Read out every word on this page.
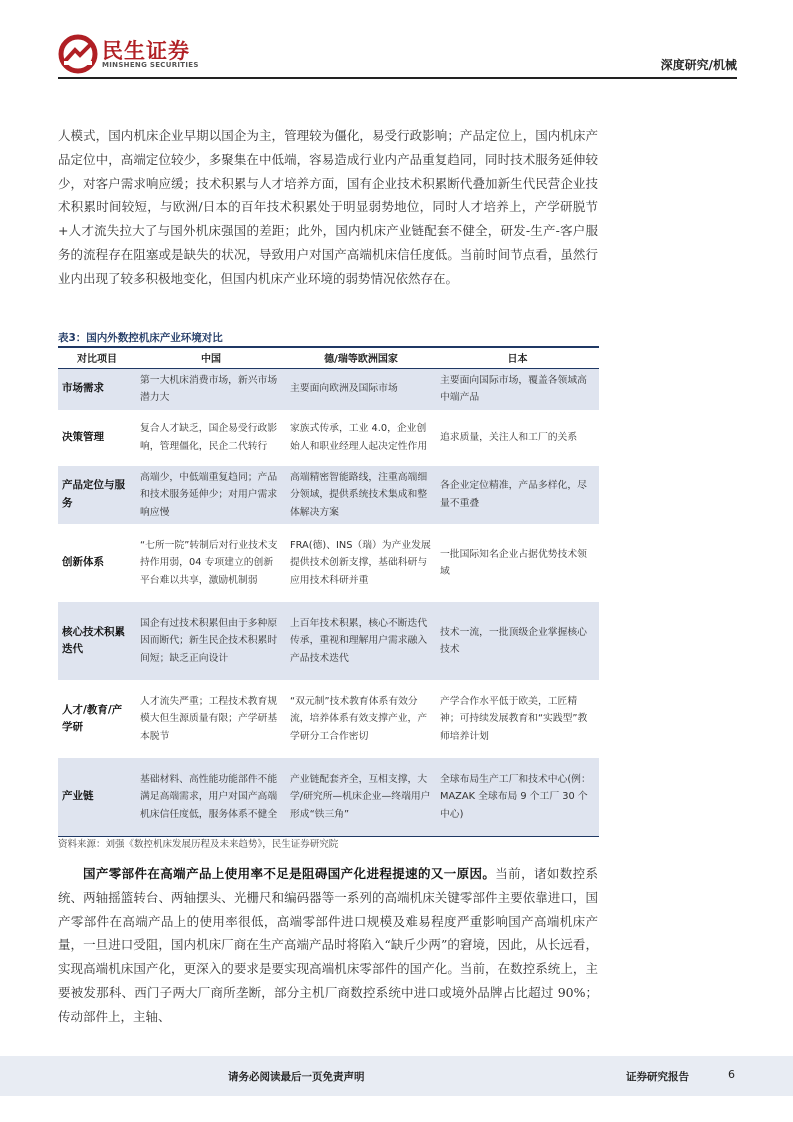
民生证券
MINSHENG SECURITIES	深度研究/机械

人模式，国内机床企业早期以国企为主，管理较为僵化，易受行政影响；产品定位上，国内机床产品定位中，高端定位较少，多聚集在中低端，容易造成行业内产品重复趋同，同时技术服务延伸较少，对客户需求响应缓；技术积累与人才培养方面，国有企业技术积累断代叠加新生代民营企业技术积累时间较短，与欧洲/日本的百年技术积累处于明显弱势地位，同时人才培养上，产学研脱节+人才流失拉大了与国外机床强国的差距；此外，国内机床产业链配套不健全，研发-生产-客户服务的流程存在阻塞或是缺失的状况，导致用户对国产高端机床信任度低。当前时间节点看，虽然行业内出现了较多积极地变化，但国内机床产业环境的弱势情况依然存在。

表3：国内外数控机床产业环境对比
对比项目	中国	德/瑞等欧洲国家	日本
市场需求	第一大机床消费市场，新兴市场潜力大	主要面向欧洲及国际市场	主要面向国际市场，覆盖各领域高中端产品
决策管理	复合人才缺乏，国企易受行政影响，管理僵化，民企二代转行	家族式传承，工业 4.0，企业创始人和职业经理人起决定性作用	追求质量，关注人和工厂的关系
产品定位与服务	高端少，中低端重复趋同；产品和技术服务延伸少；对用户需求响应慢	高端精密智能路线，注重高端细分领域，提供系统技术集成和整体解决方案	各企业定位精准，产品多样化，尽量不重叠
创新体系	“七所一院”转制后对行业技术支持作用弱，04 专项建立的创新平台难以共享，激励机制弱	FRA(德)、INS（瑞）为产业发展提供技术创新支撑，基础科研与应用技术科研并重	一批国际知名企业占据优势技术领域
核心技术积累迭代	国企有过技术积累但由于多种原因而断代；新生民企技术积累时间短；缺乏正向设计	上百年技术积累，核心不断迭代传承，重视和理解用户需求融入产品技术迭代	技术一流，一批顶级企业掌握核心技术
人才/教育/产学研	人才流失严重；工程技术教育规模大但生源质量有限；产学研基本脱节	“双元制”技术教育体系有效分流，培养体系有效支撑产业，产学研分工合作密切	产学合作水平低于欧美，工匠精神；可持续发展教育和“实践型”教师培养计划
产业链	基础材料、高性能功能部件不能满足高端需求，用户对国产高端机床信任度低，服务体系不健全	产业链配套齐全，互相支撑，大学/研究所—机床企业—终端用户形成“铁三角”	全球布局生产工厂和技术中心(例：MAZAK 全球布局 9 个工厂 30 个中心)
资料来源：刘强《数控机床发展历程及未来趋势》，民生证券研究院

国产零部件在高端产品上使用率不足是阻碍国产化进程提速的又一原因。当前，诸如数控系统、两轴摇篮转台、两轴摆头、光栅尺和编码器等一系列的高端机床关键零部件主要依靠进口，国产零部件在高端产品上的使用率很低，高端零部件进口规模及难易程度严重影响国产高端机床产量，一旦进口受阻，国内机床厂商在生产高端产品时将陷入“缺斤少两”的窘境，因此，从长远看，实现高端机床国产化，更深入的要求是要实现高端机床零部件的国产化。当前，在数控系统上，主要被发那科、西门子两大厂商所垄断，部分主机厂商数控系统中进口或境外品牌占比超过 90%；传动部件上，主轴、

请务必阅读最后一页免责声明	证券研究报告	6
